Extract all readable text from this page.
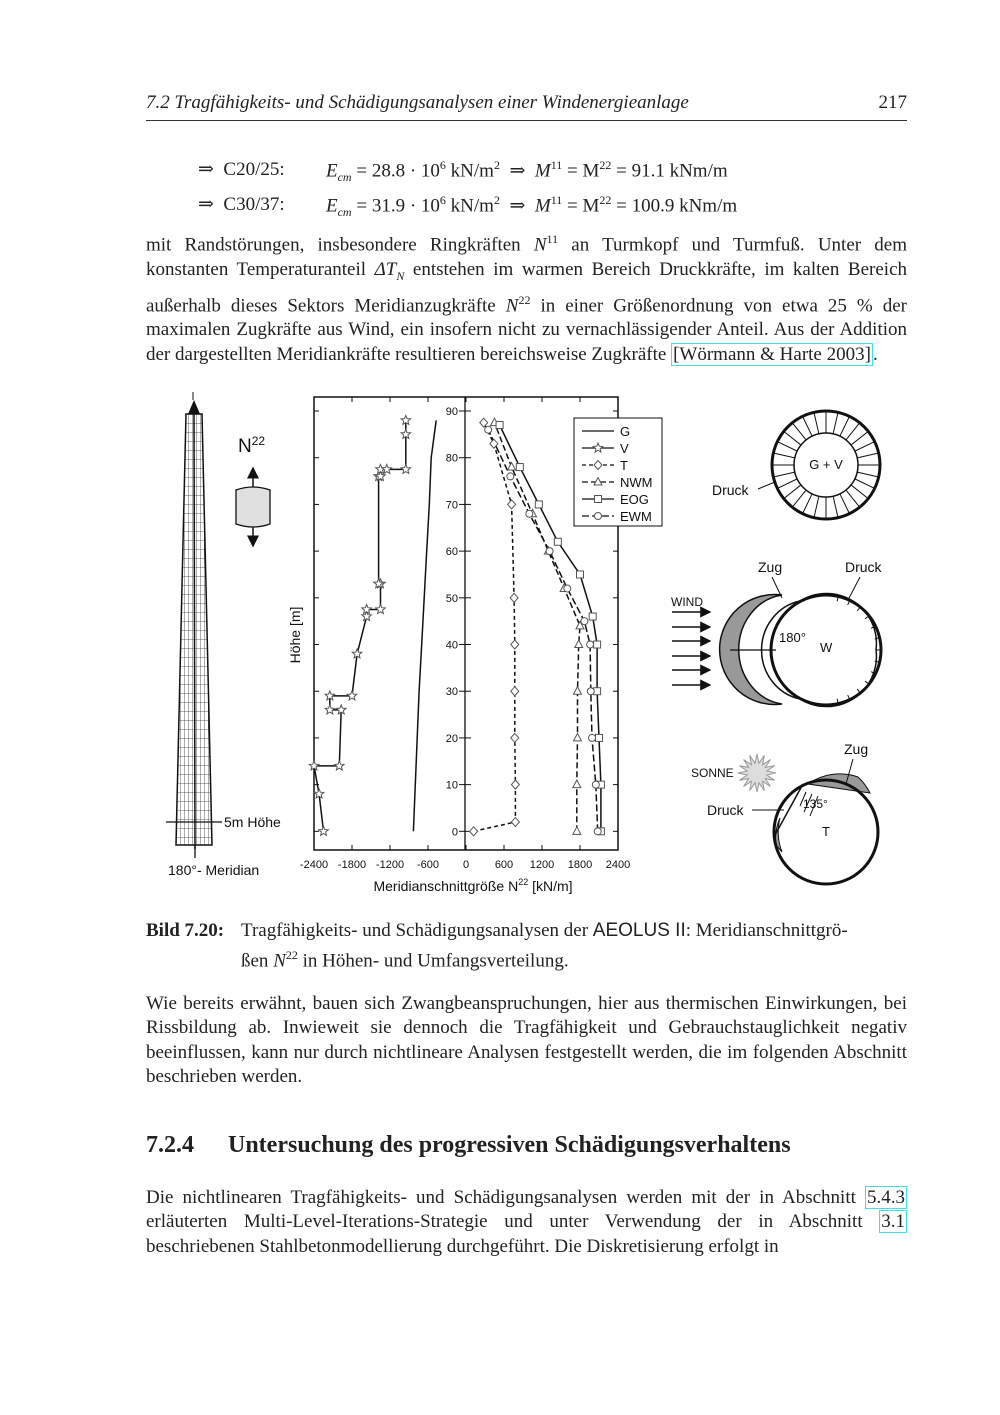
7.2 Tragfähigkeits- und Schädigungsanalysen einer Windenergieanlage	217
⇒ C20/25: $E_{cm} = 28.8 \cdot 10^6$ $kN/m^2$ ⇒ $M^{11} = M^{22} = 91.1$ kNm/m
⇒ C30/37: $E_{cm} = 31.9 \cdot 10^6$ $kN/m^2$ ⇒ $M^{11} = M^{22} = 100.9$ kNm/m

mit Randstörungen, insbesondere Ringkräften $N^{11}$ an Turmkopf und Turmfuß. Unter dem konstanten Temperaturanteil $\Delta T_N$ entstehen im warmen Bereich Druckkräfte, im kalten Bereich außerhalb dieses Sektors Meridianzugkräfte $N^{22}$ in einer Größenordnung von etwa 25 % der maximalen Zugkräfte aus Wind, ein insofern nicht zu vernachlässigender Anteil. Aus der Addition der dargestellten Meridiankräfte resultieren bereichsweise Zugkräfte [Wörmann & Harte 2003] .

5m Höhe
180°- Meridian
$N^{22}$
-2400 -1800 -1200 -600 0 600 1200 1800 2400
0
10
20
30
40
50
60
70
80
90
Höhe [m]
Meridianschnittgröße $N^{22}$ [kN/m]
G
V
T
NWM
EOG
EWM
G + V
Druck
180°
W
Zug	Druck
WIND
135°
T
Zug
Druck
SONNE
Bild 7.20: Tragfähigkeits- und Schädigungsanalysen der AEOLUS II: Meridianschnittgrö-
ßen $N^{22}$ in Höhen- und Umfangsverteilung.

Wie bereits erwähnt, bauen sich Zwangbeanspruchungen, hier aus thermischen Einwirkungen, bei Rissbildung ab. Inwieweit sie dennoch die Tragfähigkeit und Gebrauchstauglichkeit negativ beeinflussen, kann nur durch nichtlineare Analysen festgestellt werden, die im folgenden Abschnitt beschrieben werden.

7.2.4 Untersuchung des progressiven Schädigungsverhaltens

Die nichtlinearen Tragfähigkeits- und Schädigungsanalysen werden mit der in Abschnitt 5.4.3 erläuterten Multi-Level-Iterations-Strategie und unter Verwendung der in Abschnitt 3.1 beschriebenen Stahlbetonmodellierung durchgeführt. Die Diskretisierung erfolgt in
